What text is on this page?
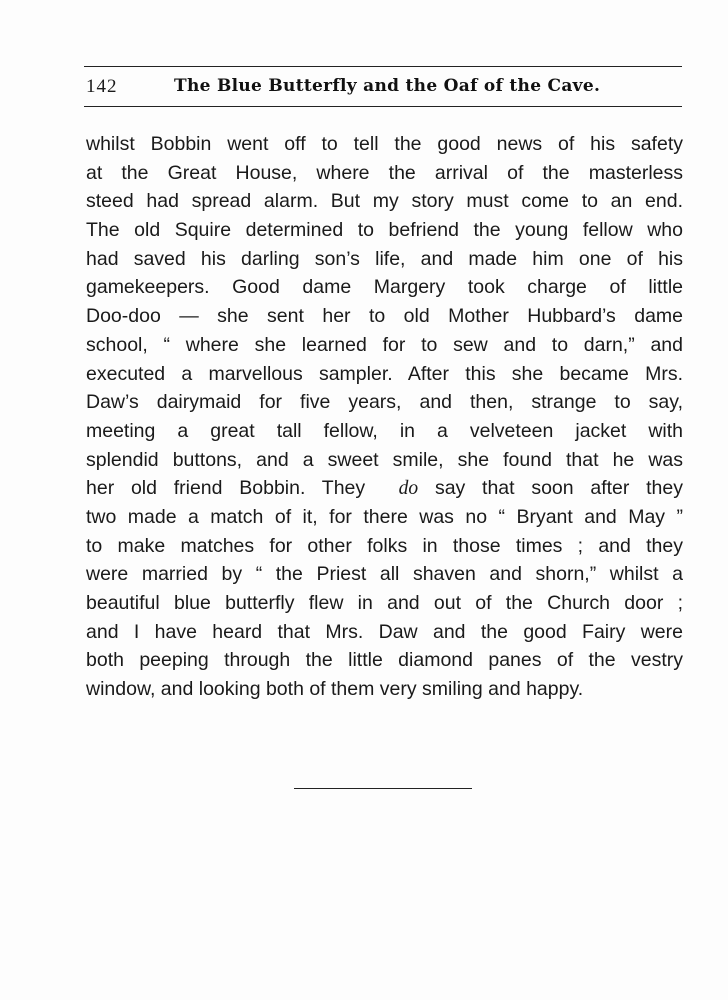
142	The Blue Butterfly and the Oaf of the Cave.
whilst Bobbin went off to tell the good news of his safety
at the Great House, where the arrival of the masterless
steed had spread alarm. But my story must come to an end.
The old Squire determined to befriend the young fellow who
had saved his darling son’s life, and made him one of his
gamekeepers. Good dame Margery took charge of little
Doo-doo — she sent her to old Mother Hubbard’s dame
school, “ where she learned for to sew and to darn,” and
executed a marvellous sampler. After this she became Mrs.
Daw’s dairymaid for five years, and then, strange to say,
meeting a great tall fellow, in a velveteen jacket with
splendid buttons, and a sweet smile, she found that he was
her old friend Bobbin. They do say that soon after they
two made a match of it, for there was no “ Bryant and May ”
to make matches for other folks in those times ; and they
were married by “ the Priest all shaven and shorn,” whilst a
beautiful blue butterfly flew in and out of the Church door ;
and I have heard that Mrs. Daw and the good Fairy were
both peeping through the little diamond panes of the vestry
window, and looking both of them very smiling and happy.
